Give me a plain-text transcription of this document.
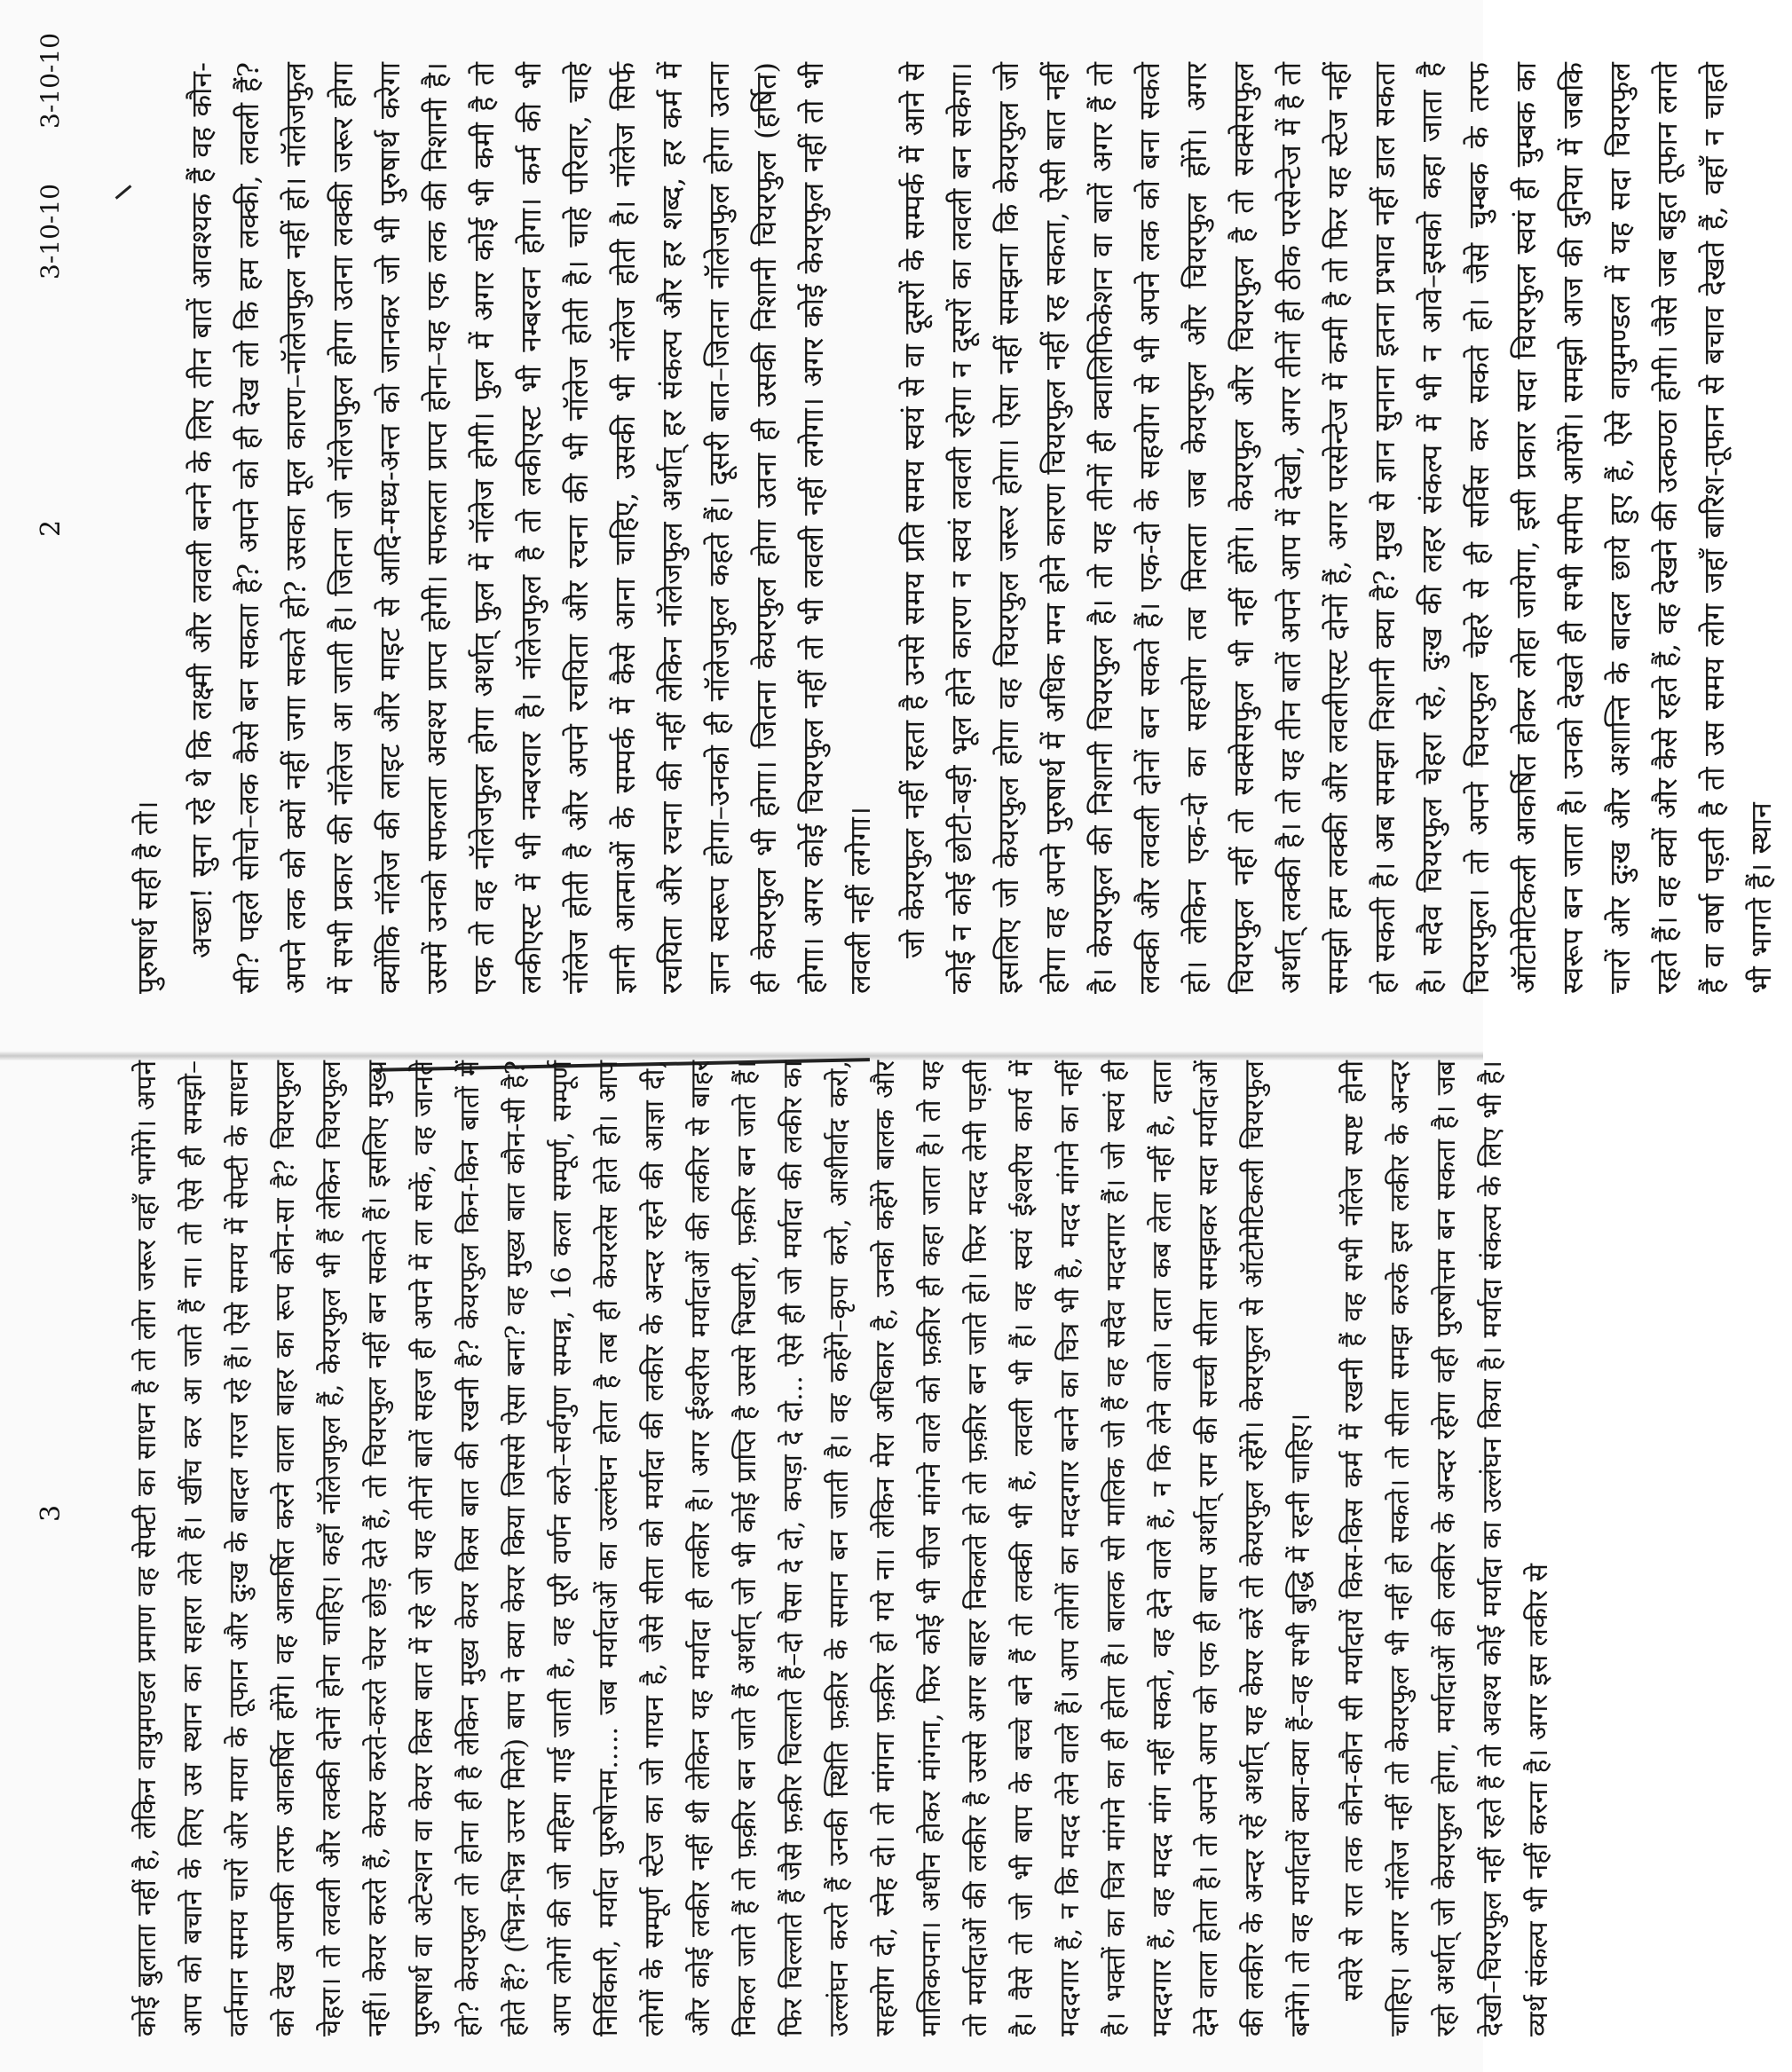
2
3-10-10

पुरुषार्थ सही है तो। अच्छा! सुना रहे थे कि लक्ष्मी और लवली बनने के लिए तीन बातें आवश्यक हैं वह कौन-सी? पहले सोचो–लक कैसे बन सकता है? अपने को ही देख लो कि हम लक्की, लवली हैं? अपने लक को क्यों नहीं जगा सकते हो? उसका मूल कारण–नॉलेजफुल नहीं हो। नॉलेजफुल में सभी प्रकार की नॉलेज आ जाती है। जितना जो नॉलेजफुल होगा उतना लक्की जरूर होगा क्योंकि नॉलेज की लाइट और माइट से आदि-मध्य-अन्त को जानकर जो भी पुरुषार्थ करेगा उसमें उनको सफलता अवश्य प्राप्त होगी। सफलता प्राप्त होना–यह एक लक की निशानी है। एक तो वह नॉलेजफुल होगा अर्थात् फुल में नॉलेज होगी। फुल में अगर कोई भी कमी है तो लकीएस्ट में भी नम्बरवार है। नॉलेजफुल है तो लकीएस्ट भी नम्बरवन होगा। कर्म की भी नॉलेज होती है और अपने रचयिता और रचना की भी नॉलेज होती है। चाहे परिवार, चाहे ज्ञानी आत्माओं के सम्पर्क में कैसे आना चाहिए, उसकी भी नॉलेज होती है। नॉलेज सिर्फ रचयिता और रचना की नहीं लेकिन नॉलेजफुल अर्थात् हर संकल्प और हर शब्द, हर कर्म में ज्ञान स्वरूप होगा–उनको ही नॉलेजफुल कहते हैं। दूसरी बात–जितना नॉलेजफुल होगा उतना ही केयरफुल भी होगा। जितना केयरफुल होगा उतना ही उसकी निशानी चियरफुल (हर्षित) होगा। अगर कोई चियरफुल नहीं तो भी लवली नहीं लगेगा। अगर कोई केयरफुल नहीं तो भी लवली नहीं लगेगा। जो केयरफुल नहीं रहता है उनसे समय प्रति समय स्वयं से वा दूसरों के सम्पर्क में आने से कोई न कोई छोटी-बड़ी भूल होने कारण न स्वयं लवली रहेगा न दूसरों का लवली बन सकेगा। इसलिए जो केयरफुल होगा वह चियरफुल जरूर होगा। ऐसा नहीं समझना कि केयरफुल जो होगा वह अपने पुरुषार्थ में अधिक मग्न होने कारण चियरफुल नहीं रह सकता, ऐसी बात नहीं है। केयरफुल की निशानी चियरफुल है। तो यह तीनों ही क्वालिफिकेशन वा बातें अगर हैं तो लक्की और लवली दोनों बन सकते हैं। एक-दो के सहयोग से भी अपने लक को बना सकते हो। लेकिन एक-दो का सहयोग तब मिलता जब केयरफुल और चियरफुल होंगे। अगर चियरफुल नहीं तो सक्सेसफुल भी नहीं होंगे। केयरफुल और चियरफुल है तो सक्सेसफुल अर्थात् लक्की है। तो यह तीन बातें अपने आप में देखो, अगर तीनों ही ठीक परसेन्टेज में है तो समझो हम लक्की और लवलीएस्ट दोनों हैं, अगर परसेन्टेज में कमी है तो फिर यह स्टेज नहीं हो सकती है। अब समझा निशानी क्या है? मुख से ज्ञान सुनाना इतना प्रभाव नहीं डाल सकता है। सदैव चियरफुल चेहरा रहे, दुःख की लहर संकल्प में भी न आवे–इसको कहा जाता है चियरफुल। तो अपने चियरफुल चेहरे से ही सर्विस कर सकते हो। जैसे चुम्बक के तरफ ऑटोमेटिकली आकर्षित होकर लोहा जायेगा, इसी प्रकार सदा चियरफुल स्वयं ही चुम्बक का स्वरूप बन जाता है। उनको देखते ही सभी समीप आयेंगे। समझो आज की दुनिया में जबकि चारों ओर दुःख और अशान्ति के बादल छाये हुए हैं, ऐसे वायुमण्डल में यह सदा चियरफुल रहते हैं। वह क्यों और कैसे रहते हैं, वह देखने की उत्कण्ठा होगी। जैसे जब बहुत तूफान लगते हैं वा वर्षा पड़ती है तो उस समय लोग जहाँ बारिश-तूफान से बचाव देखते हैं, वहाँ न चाहते भी भागते हैं। स्थान

3
3-10-10

कोई बुलाता नहीं है, लेकिन वायुमण्डल प्रमाण वह सेफ्टी का साधन है तो लोग जरूर वहाँ भागेंगे। अपने आप को बचाने के लिए उस स्थान का सहारा लेते हैं। खींच कर आ जाते हैं ना। तो ऐसे ही समझो–वर्तमान समय चारों ओर माया के तूफान और दुःख के बादल गरज रहे हैं। ऐसे समय में सेफ्टी के साधन को देख आपकी तरफ आकर्षित होंगे। वह आकर्षित करने वाला बाहर का रूप कौन-सा है? चियरफुल चेहरा। तो लवली और लक्की दोनों होना चाहिए। कहाँ नॉलेजफुल हैं, केयरफुल भी हैं लेकिन चियरफुल नहीं। केयर करते हैं, केयर करते-करते चेयर छोड़ देते हैं, तो चियरफुल नहीं बन सकते हैं। इसलिए मुख्य पुरुषार्थ वा अटेन्शन वा केयर किस बात में रहे जो यह तीनों बातें सहज ही अपने में ला सकें, वह जानते हो? केयरफुल तो होना ही है लेकिन मुख्य केयर किस बात की रखनी है? केयरफुल किन-किन बातों में होते हैं? (भिन्न-भिन्न उत्तर मिले) बाप ने क्या केयर किया जिससे ऐसा बना? वह मुख्य बात कौन-सी है? आप लोगों की जो महिमा गाई जाती है, वह पूरी वर्णन करो–सर्वगुण सम्पन्न, 16 कला सम्पूर्ण, सम्पूर्ण निर्विकारी, मर्यादा पुरुषोत्तम..... जब मर्यादाओं का उल्लंघन होता है तब ही केयरलेस होते हो। आप लोगों के सम्पूर्ण स्टेज का जो गायन है, जैसे सीता को मर्यादा की लकीर के अन्दर रहने की आज्ञा दी, और कोई लकीर नहीं थी लेकिन यह मर्यादा ही लकीर है। अगर ईश्वरीय मर्यादाओं की लकीर से बाहर निकल जाते हैं तो फ़क़ीर बन जाते हैं अर्थात् जो भी कोई प्राप्ति है उससे भिखारी, फ़क़ीर बन जाते हैं। फिर चिल्लाते हैं जैसे फ़क़ीर चिल्लाते हैं–दो पैसा दे दो, कपड़ा दे दो... ऐसे ही जो मर्यादा की लकीर का उल्लंघन करते हैं उनकी स्थिति फ़क़ीर के समान बन जाती है। वह कहेंगे–कृपा करो, आशीर्वाद करो, सहयोग दो, स्नेह दो। तो मांगना फ़क़ीर हो गये ना। लेकिन मेरा अधिकार है, उनको कहेंगे बालक और मालिकपना। अधीन होकर मांगना, फिर कोई भी चीज मांगने वाले को फ़क़ीर ही कहा जाता है। तो यह तो मर्यादाओं की लकीर है उससे अगर बाहर निकलते हो तो फ़क़ीर बन जाते हो। फिर मदद लेनी पड़ती है। वैसे तो जो भी बाप के बच्चे बने हैं तो लक्की भी हैं, लवली भी हैं। वह स्वयं ईश्वरीय कार्य में मददगार हैं, न कि मदद लेने वाले हैं। आप लोगों का मददगार बनने का चित्र भी है, मदद मांगने का नहीं है। भक्तों का चित्र मांगने का ही होता है। बालक सो मालिक जो हैं वह सदैव मददगार हैं। जो स्वयं ही मददगार हैं, वह मदद मांग नहीं सकते, वह देने वाले हैं, न कि लेने वाले। दाता कब लेता नहीं है, दाता देने वाला होता है। तो अपने आप को एक ही बाप अर्थात् राम की सच्ची सीता समझकर सदा मर्यादाओं की लकीर के अन्दर रहें अर्थात् यह केयर करें तो केयरफुल रहेंगे। केयरफुल से ऑटोमेटिकली चियरफुल बनेंगे। तो वह मर्यादायें क्या-क्या हैं–वह सभी बुद्धि में रहनी चाहिए। सवेरे से रात तक कौन-कौन सी मर्यादायें किस-किस कर्म में रखनी हैं वह सभी नॉलेज स्पष्ट होनी चाहिए। अगर नॉलेज नहीं तो केयरफुल भी नहीं हो सकते। तो सीता समझ करके इस लकीर के अन्दर रहो अर्थात् जो केयरफुल होगा, मर्यादाओं की लकीर के अन्दर रहेगा वही पुरुषोत्तम बन सकता है। जब देखो–चियरफुल नहीं रहते हैं तो अवश्य कोई मर्यादा का उल्लंघन किया है। मर्यादा संकल्प के लिए भी है। व्यर्थ संकल्प भी नहीं करना है। अगर इस लकीर से
